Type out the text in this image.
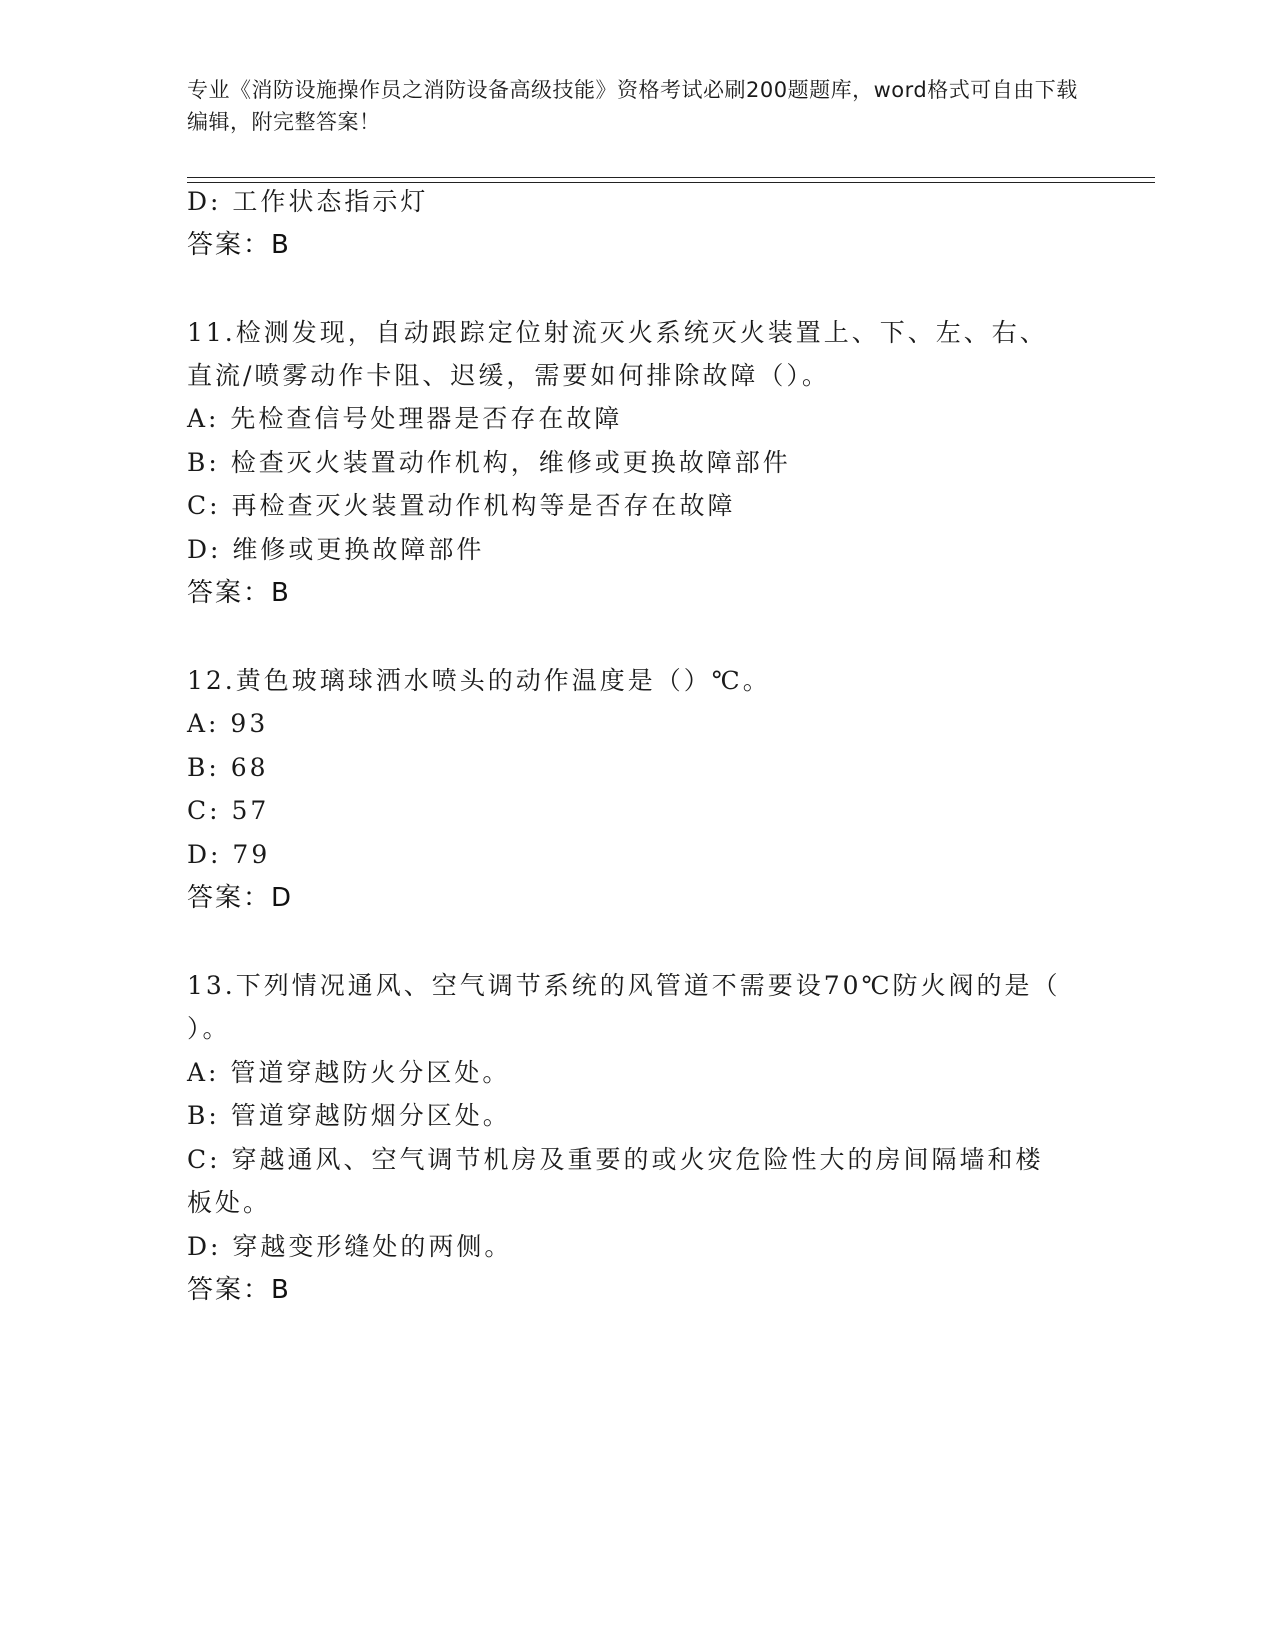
专业《消防设施操作员之消防设备高级技能》资格考试必刷200题题库，word格式可自由下载编辑，附完整答案！
D: 工作状态指示灯
答案：B
11.检测发现，自动跟踪定位射流灭火系统灭火装置上、下、左、右、
直流/喷雾动作卡阻、迟缓，需要如何排除故障（）。
A: 先检查信号处理器是否存在故障
B: 检查灭火装置动作机构，维修或更换故障部件
C: 再检查灭火装置动作机构等是否存在故障
D: 维修或更换故障部件
答案：B
12.黄色玻璃球洒水喷头的动作温度是（）℃。
A: 93
B: 68
C: 57
D: 79
答案：D
13.下列情况通风、空气调节系统的风管道不需要设70℃防火阀的是（
）。
A: 管道穿越防火分区处。
B: 管道穿越防烟分区处。
C: 穿越通风、空气调节机房及重要的或火灾危险性大的房间隔墙和楼
板处。
D: 穿越变形缝处的两侧。
答案：B
